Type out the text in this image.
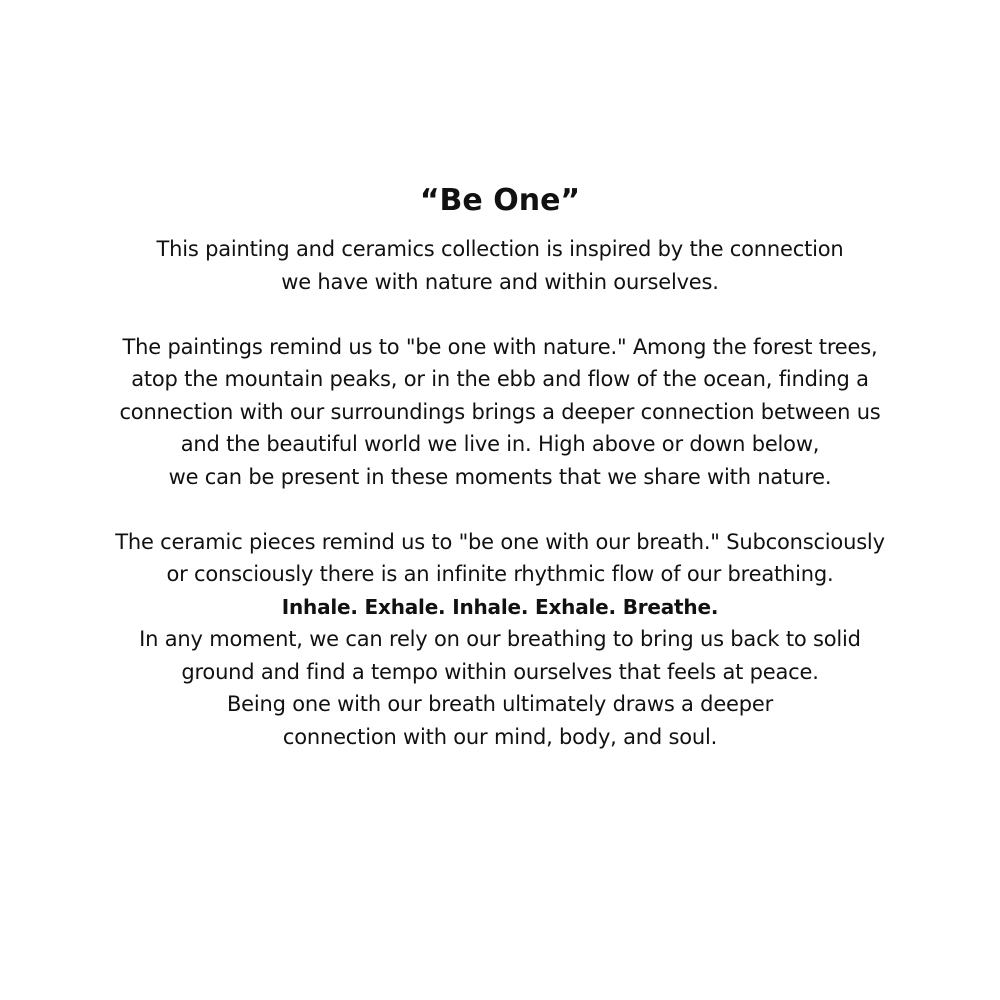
“Be One”
This painting and ceramics collection is inspired by the connection
we have with nature and within ourselves.
The paintings remind us to "be one with nature." Among the forest trees,
atop the mountain peaks, or in the ebb and flow of the ocean, finding a
connection with our surroundings brings a deeper connection between us
and the beautiful world we live in. High above or down below,
we can be present in these moments that we share with nature.
The ceramic pieces remind us to "be one with our breath." Subconsciously
or consciously there is an infinite rhythmic flow of our breathing.
Inhale. Exhale. Inhale. Exhale. Breathe.
In any moment, we can rely on our breathing to bring us back to solid
ground and find a tempo within ourselves that feels at peace.
Being one with our breath ultimately draws a deeper
connection with our mind, body, and soul.
